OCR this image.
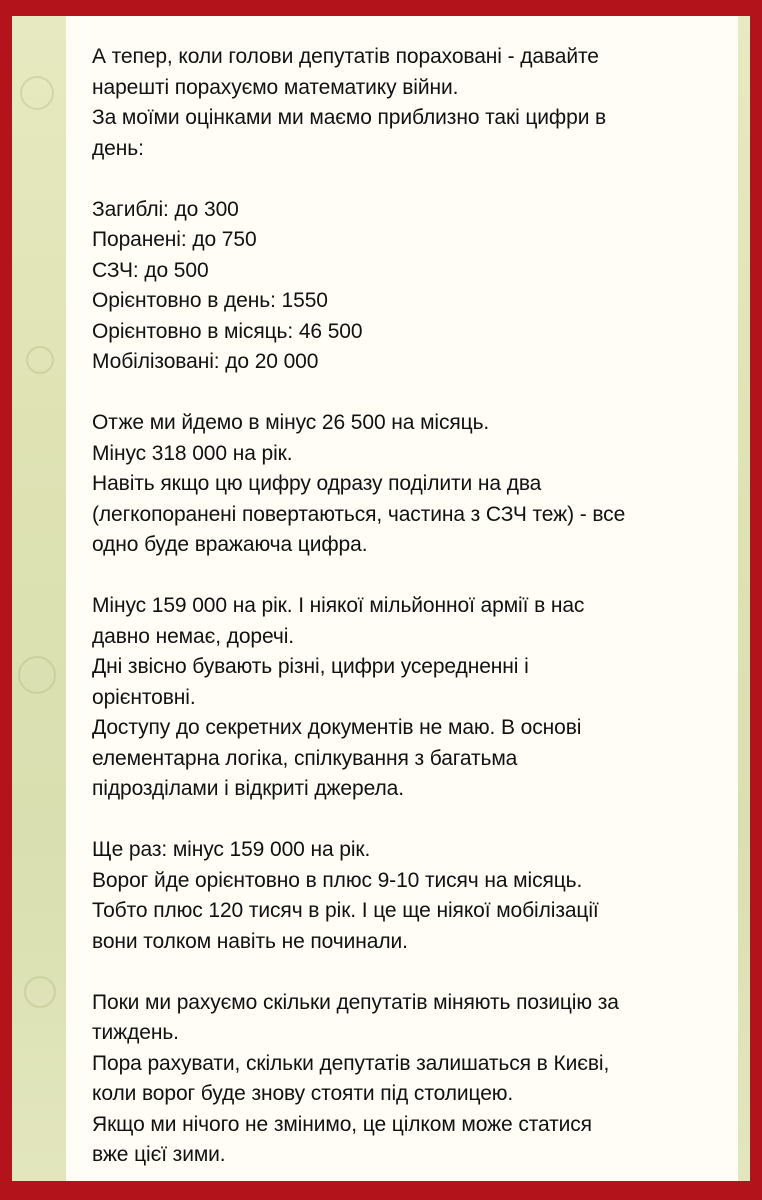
А тепер, коли голови депутатів пораховані - давайте
нарешті порахуємо математику війни.
За моїми оцінками ми маємо приблизно такі цифри в
день:
Загиблі: до 300
Поранені: до 750
СЗЧ: до 500
Орієнтовно в день: 1550
Орієнтовно в місяць: 46 500
Мобілізовані: до 20 000
Отже ми йдемо в мінус 26 500 на місяць.
Мінус 318 000 на рік.
Навіть якщо цю цифру одразу поділити на два
(легкопоранені повертаються, частина з СЗЧ теж) - все
одно буде вражаюча цифра.
Мінус 159 000 на рік. І ніякої мільйонної армії в нас
давно немає, доречі.
Дні звісно бувають різні, цифри усередненні і
орієнтовні.
Доступу до секретних документів не маю. В основі
елементарна логіка, спілкування з багатьма
підрозділами і відкриті джерела.
Ще раз: мінус 159 000 на рік.
Ворог йде орієнтовно в плюс 9-10 тисяч на місяць.
Тобто плюс 120 тисяч в рік. І це ще ніякої мобілізації
вони толком навіть не починали.
Поки ми рахуємо скільки депутатів міняють позицію за
тиждень.
Пора рахувати, скільки депутатів залишаться в Києві,
коли ворог буде знову стояти під столицею.
Якщо ми нічого не змінимо, це цілком може статися
вже цієї зими.
